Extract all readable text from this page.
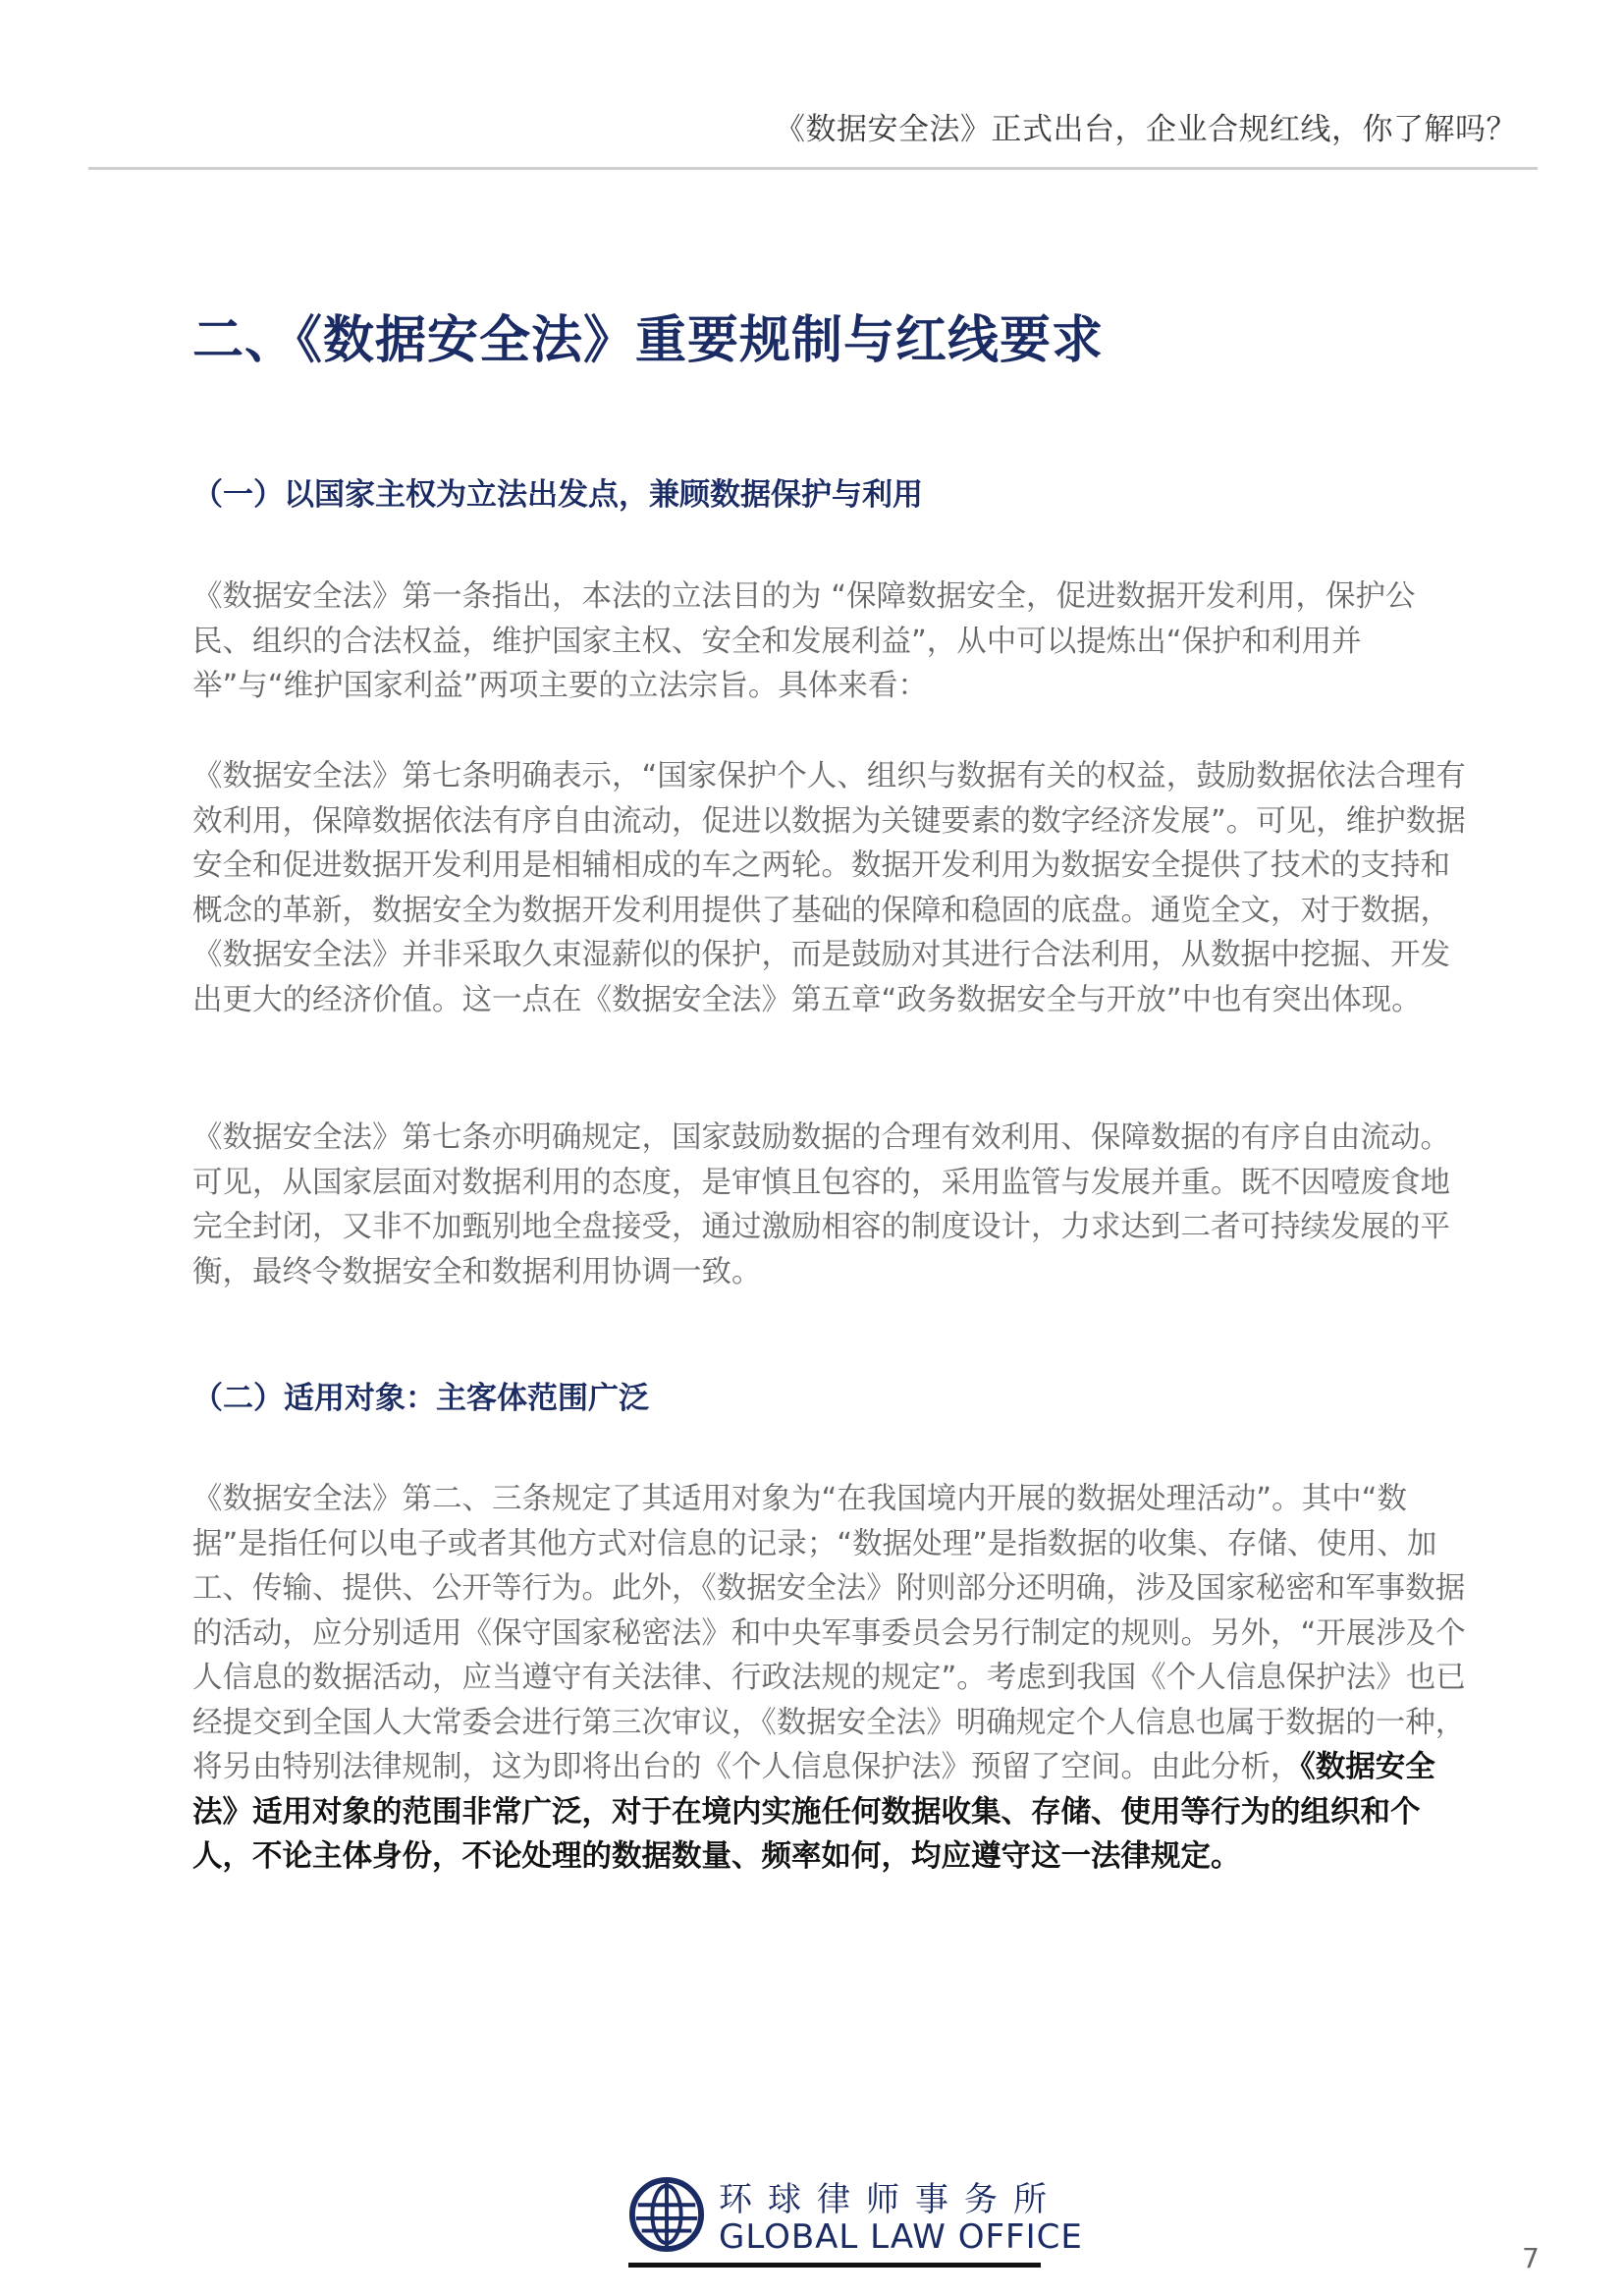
《数据安全法》正式出台，企业合规红线，你了解吗？
二、《数据安全法》重要规制与红线要求
（一）以国家主权为立法出发点，兼顾数据保护与利用

《数据安全法》第一条指出，本法的立法目的为 “保障数据安全，促进数据开发利用，保护公民、组织的合法权益，维护国家主权、安全和发展利益”，从中可以提炼出“保护和利用并举”与“维护国家利益”两项主要的立法宗旨。具体来看：

《数据安全法》第七条明确表示，“国家保护个人、组织与数据有关的权益，鼓励数据依法合理有效利用，保障数据依法有序自由流动，促进以数据为关键要素的数字经济发展”。可见，维护数据安全和促进数据开发利用是相辅相成的车之两轮。数据开发利用为数据安全提供了技术的支持和概念的革新，数据安全为数据开发利用提供了基础的保障和稳固的底盘。通览全文，对于数据，《数据安全法》并非采取久束湿薪似的保护，而是鼓励对其进行合法利用，从数据中挖掘、开发出更大的经济价值。这一点在《数据安全法》第五章“政务数据安全与开放”中也有突出体现。

《数据安全法》第七条亦明确规定，国家鼓励数据的合理有效利用、保障数据的有序自由流动。可见，从国家层面对数据利用的态度，是审慎且包容的，采用监管与发展并重。既不因噎废食地完全封闭，又非不加甄别地全盘接受，通过激励相容的制度设计，力求达到二者可持续发展的平衡，最终令数据安全和数据利用协调一致。

（二）适用对象：主客体范围广泛

《数据安全法》第二、三条规定了其适用对象为“在我国境内开展的数据处理活动”。其中“数据”是指任何以电子或者其他方式对信息的记录；“数据处理”是指数据的收集、存储、使用、加工、传输、提供、公开等行为。此外，《数据安全法》附则部分还明确，涉及国家秘密和军事数据的活动，应分别适用《保守国家秘密法》和中央军事委员会另行制定的规则。另外，“开展涉及个人信息的数据活动，应当遵守有关法律、行政法规的规定”。考虑到我国《个人信息保护法》也已经提交到全国人大常委会进行第三次审议，《数据安全法》明确规定个人信息也属于数据的一种，将另由特别法律规制，这为即将出台的《个人信息保护法》预留了空间。由此分析，《数据安全法》适用对象的范围非常广泛，对于在境内实施任何数据收集、存储、使用等行为的组织和个人，不论主体身份，不论处理的数据数量、频率如何，均应遵守这一法律规定。

环球律师事务所
GLOBAL LAW OFFICE
7
